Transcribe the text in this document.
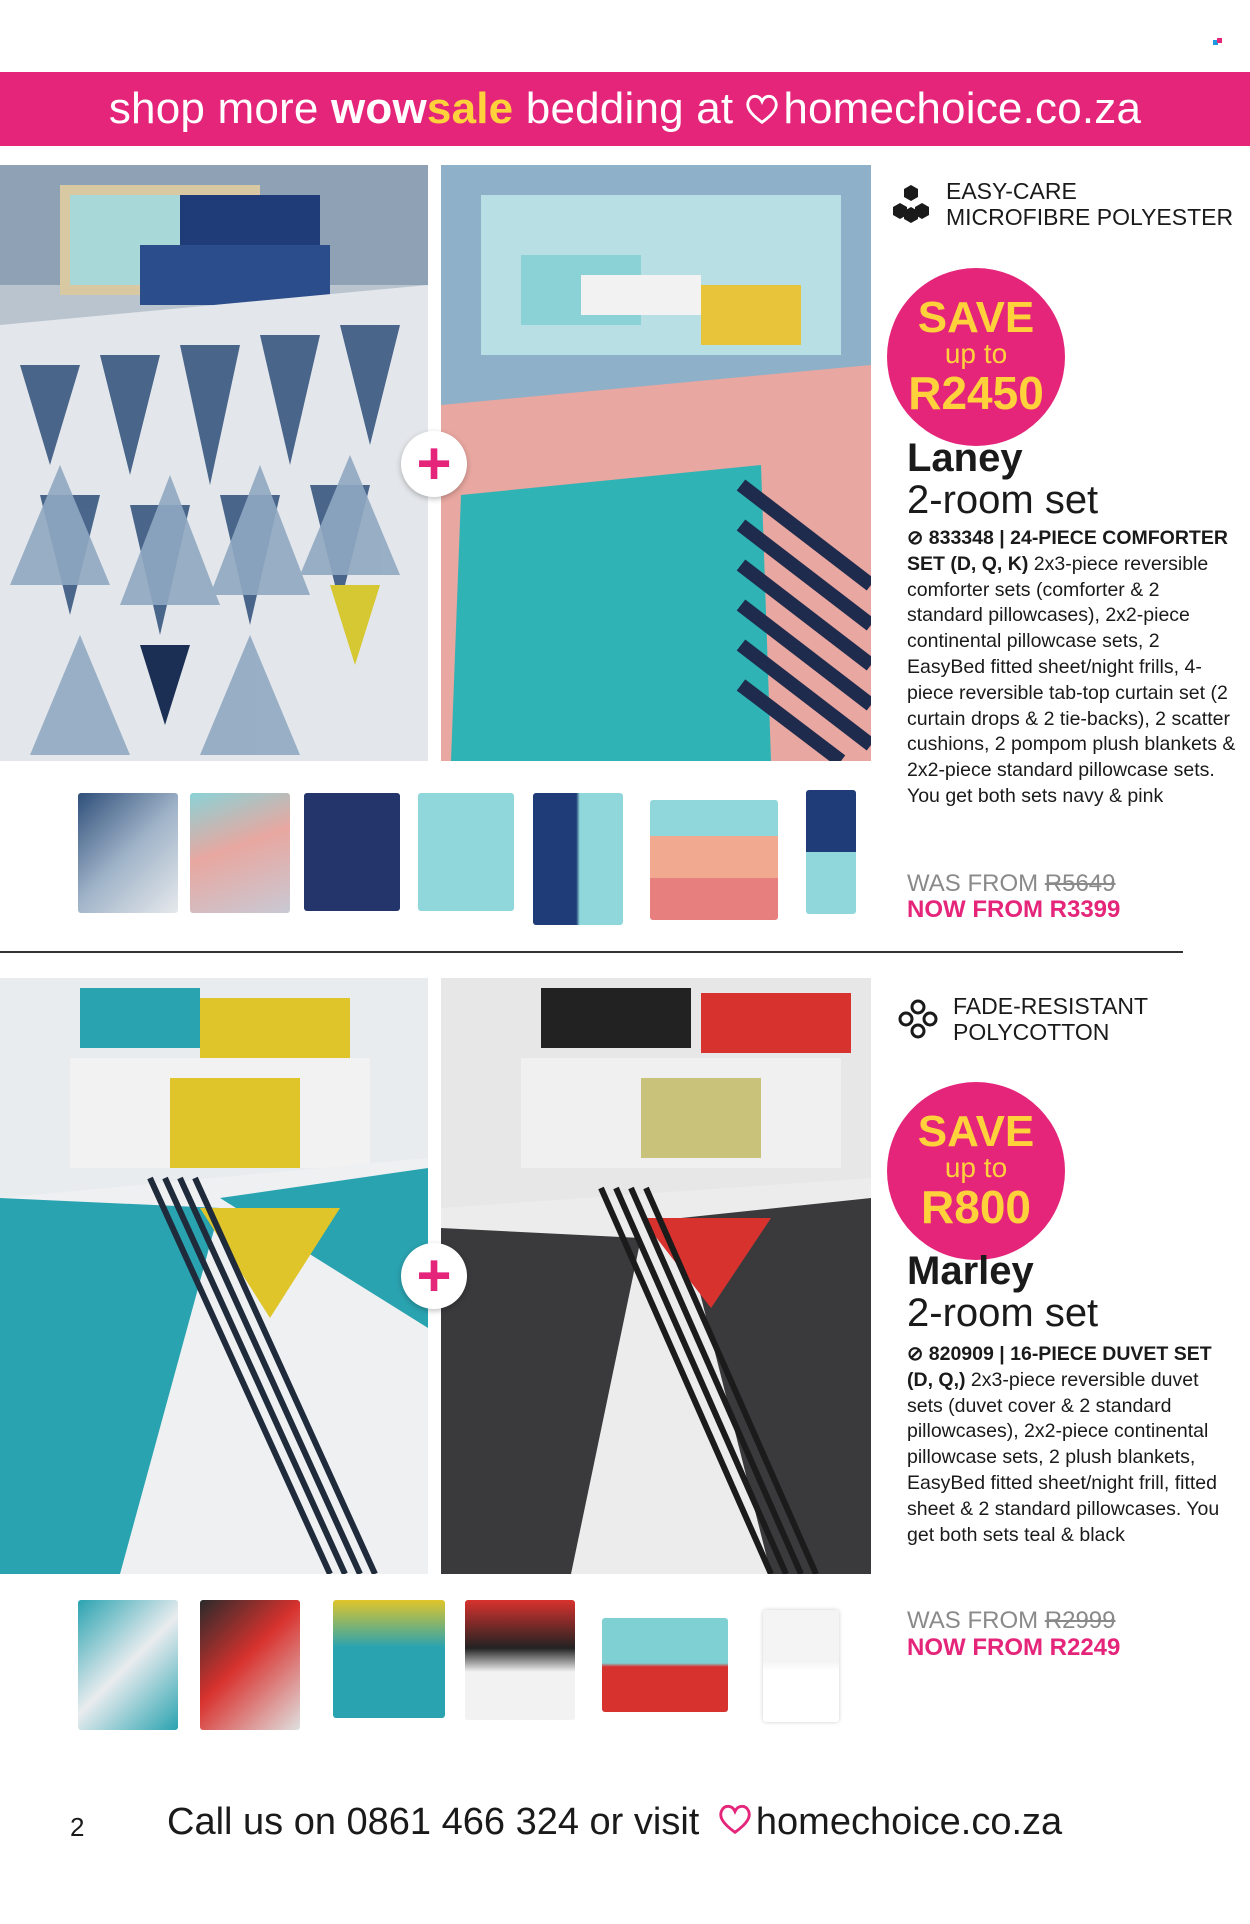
shop more
wow sale
bedding at homechoice.co.za
+
EASY-CARE
MICROFIBRE POLYESTER
SAVE
up to
R2450
Laney
2-room set
⊘ 833348 | 24-PIECE COMFORTER SET (D, Q, K) 2x3-piece reversible comforter sets (comforter & 2 standard pillowcases), 2x2-piece continental pillowcase sets, 2 EasyBed fitted sheet/night frills, 4-piece reversible tab-top curtain set (2 curtain drops & 2 tie-backs), 2 scatter cushions, 2 pompom plush blankets & 2x2-piece standard pillowcase sets. You get both sets navy & pink
WAS FROM R5649
NOW FROM R3399
+
FADE-RESISTANT
POLYCOTTON
SAVE
up to
R800
Marley
2-room set
⊘ 820909 | 16-PIECE DUVET SET (D, Q,) 2x3-piece reversible duvet sets (duvet cover & 2 standard pillowcases), 2x2-piece continental pillowcase sets, 2 plush blankets, EasyBed fitted sheet/night frill, fitted sheet & 2 standard pillowcases. You get both sets teal & black
WAS FROM R2999
NOW FROM R2249
2 Call us on 0861 466 324 or visit homechoice.co.za
